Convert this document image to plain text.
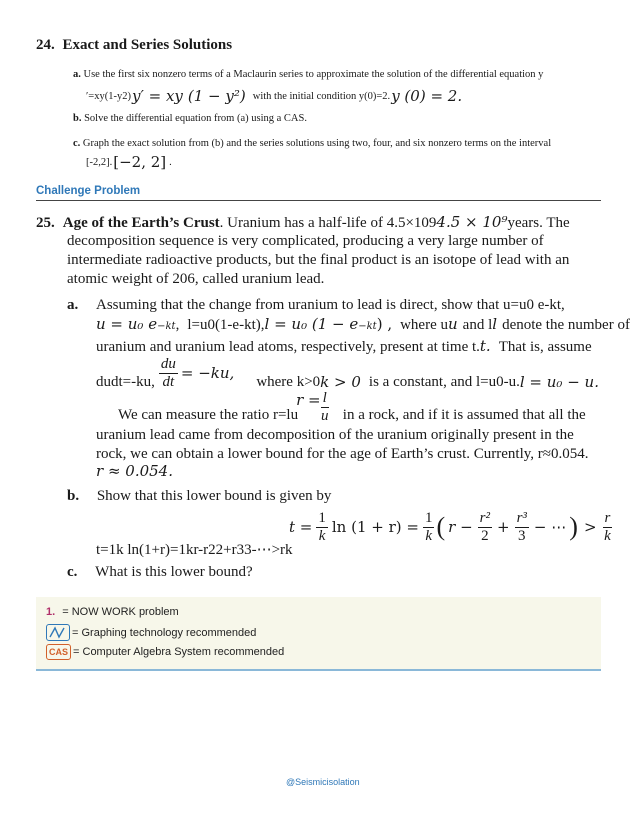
24. Exact and Series Solutions
a. Use the first six nonzero terms of a Maclaurin series to approximate the solution of the differential equation y
′=xy(1-y2) y′ = xy (1 − y²) with the initial condition y(0)=2. y (0) = 2.
b. Solve the differential equation from (a) using a CAS.
c. Graph the exact solution from (b) and the series solutions using two, four, and six nonzero terms on the interval
[-2,2]. [−2, 2] .
Challenge Problem
25. Age of the Earth’s Crust . Uranium has a half-life of 4.5×109 4.5 × 10⁹ years. The
decomposition sequence is very complicated, producing a very large number of
intermediate radioactive products, but the final product is an isotope of lead with an
atomic weight of 206, called uranium lead.
a. Assuming that the change from uranium to lead is direct, show that u=u0 e-kt,
u = u₀ e −kt , l=u0(1-e-kt), l = u₀ (1 − e −kt ) , where u u and l l denote the number of
uranium and uranium lead atoms, respectively, present at time t. t. That is, assume
dudt=-ku, $\frac{du}{dt} = -ku$, where k>0 k > 0 is a constant, and l=u0-u. l = u₀ − u.
We can measure the ratio r=lu
$r = \frac{l}{u}$ in a rock, and if it is assumed that all the
uranium lead came from decomposition of the uranium originally present in the
rock, we can obtain a lower bound for the age of Earth’s crust. Currently, r≈0.054.
r ≈ 0.054.
b. Show that this lower bound is given by
t=1k ln(1+r)=1kr-r22+r33-⋯>rk
$t = \frac{1}{k}$ $\ln (1 + r) = \frac{1}{k}$ ( $r - \frac{\text{r²}}{2} + \frac{\text{r³}}{3}$ − ⋯ ) > $\frac{r}{k}$
c. What is this lower bound?
1. = NOW WORK problem
= Graphing technology recommended
CAS = Computer Algebra System recommended
@Seismicisolation
